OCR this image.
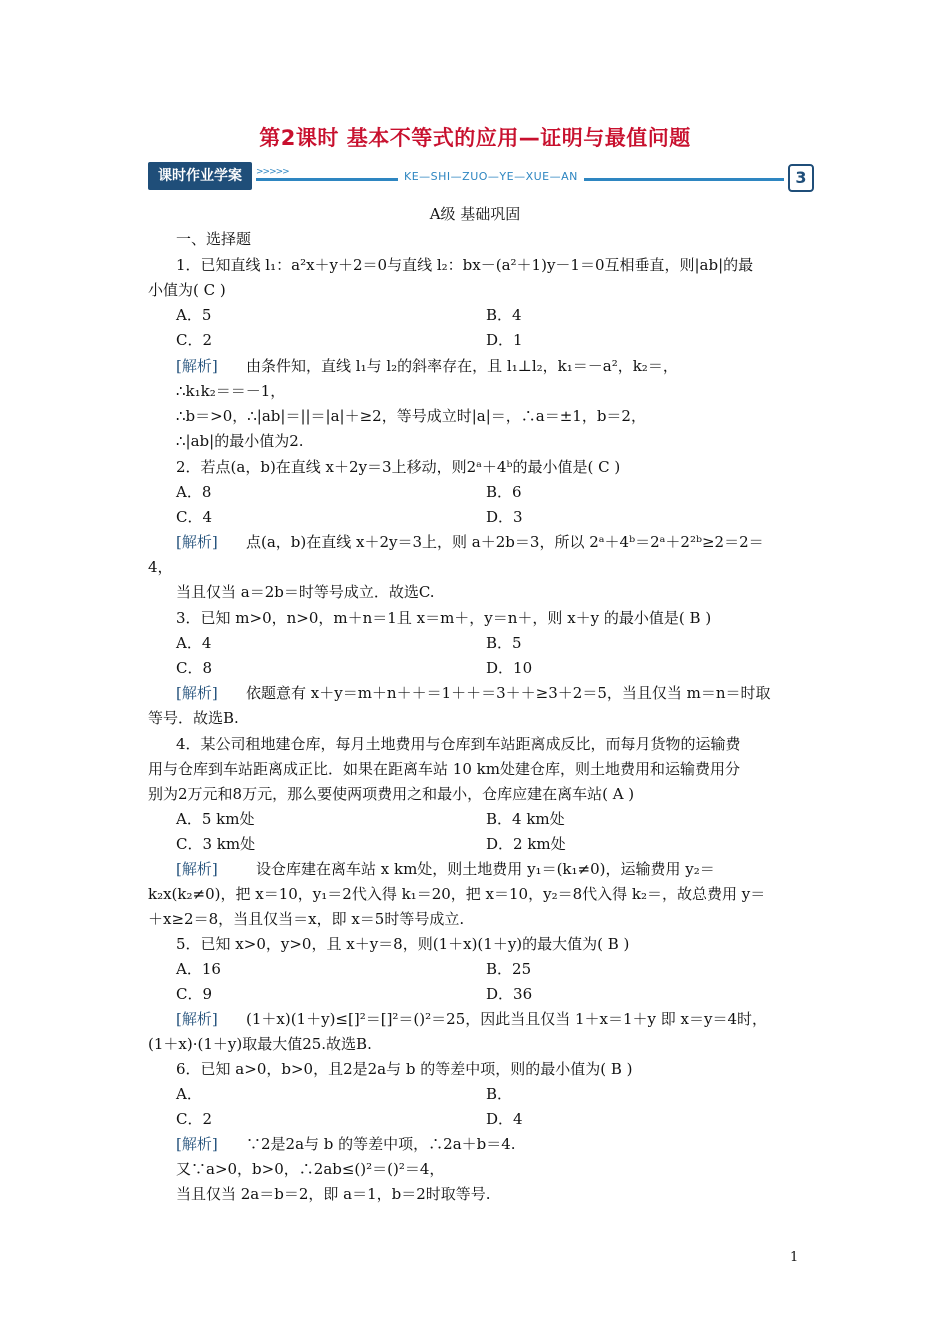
第2课时 基本不等式的应用—证明与最值问题
课时作业学案	>>>>>	KE—SHI—ZUO—YE—XUE—AN	3
A级 基础巩固
一、选择题
1．已知直线 l₁：a²x＋y＋2＝0与直线 l₂：bx－(a²＋1)y－1＝0互相垂直，则|ab|的最
小值为( C )
A．5	B．4
C．2	D．1
[解析] 由条件知，直线 l₁与 l₂的斜率存在，且 l₁⊥l₂，k₁＝－a²，k₂＝，
∴k₁k₂＝＝－1，
∴b＝>0，∴|ab|＝||＝|a|＋≥2，等号成立时|a|＝，∴a＝±1，b＝2，
∴|ab|的最小值为2.
2．若点(a，b)在直线 x＋2y＝3上移动，则2ᵃ＋4ᵇ的最小值是( C )
A．8	B．6
C．4	D．3
[解析] 点(a，b)在直线 x＋2y＝3上，则 a＋2b＝3，所以 2ᵃ＋4ᵇ＝2ᵃ＋2²ᵇ≥2＝2＝
4，
当且仅当 a＝2b＝时等号成立．故选C.
3．已知 m>0，n>0，m＋n＝1且 x＝m＋，y＝n＋，则 x＋y 的最小值是( B )
A．4	B．5
C．8	D．10
[解析] 依题意有 x＋y＝m＋n＋＋＝1＋＋＝3＋＋≥3＋2＝5，当且仅当 m＝n＝时取
等号．故选B.
4．某公司租地建仓库，每月土地费用与仓库到车站距离成反比，而每月货物的运输费
用与仓库到车站距离成正比．如果在距离车站 10 km处建仓库，则土地费用和运输费用分
别为2万元和8万元，那么要使两项费用之和最小，仓库应建在离车站( A )
A．5 km处	B．4 km处
C．3 km处	D．2 km处
[解析]	设仓库建在离车站 x km处，则土地费用 y₁＝(k₁≠0)，运输费用 y₂＝
k₂x(k₂≠0)，把 x＝10，y₁＝2代入得 k₁＝20，把 x＝10，y₂＝8代入得 k₂＝，故总费用 y＝
＋x≥2＝8，当且仅当＝x，即 x＝5时等号成立.
5．已知 x>0，y>0，且 x＋y＝8，则(1＋x)(1＋y)的最大值为( B )
A．16	B．25
C．9	D．36
[解析] (1＋x)(1＋y)≤[]²＝[]²＝()²＝25，因此当且仅当 1＋x＝1＋y 即 x＝y＝4时，
(1＋x)·(1＋y)取最大值25.故选B.
6．已知 a>0，b>0，且2是2a与 b 的等差中项，则的最小值为( B )
A．	B．
C．2	D．4
[解析] ∵2是2a与 b 的等差中项，∴2a＋b＝4.
又∵a>0，b>0，∴2ab≤()²＝()²＝4，
当且仅当 2a＝b＝2，即 a＝1，b＝2时取等号.
1
